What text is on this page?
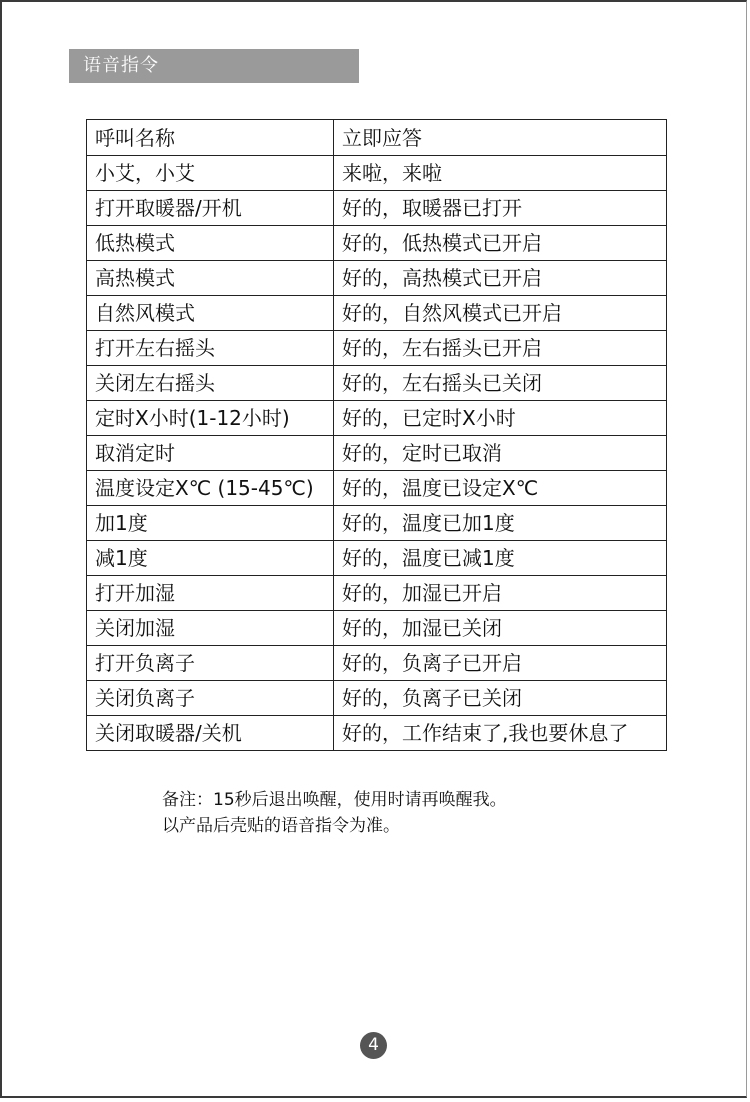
语音指令
呼叫名称	立即应答
小艾，小艾	来啦，来啦
打开取暖器/开机	好的，取暖器已打开
低热模式	好的，低热模式已开启
高热模式	好的，高热模式已开启
自然风模式	好的，自然风模式已开启
打开左右摇头	好的，左右摇头已开启
关闭左右摇头	好的，左右摇头已关闭
定时X小时(1-12小时)	好的，已定时X小时
取消定时	好的，定时已取消
温度设定X℃ (15-45℃)	好的，温度已设定X℃
加1度	好的，温度已加1度
减1度	好的，温度已减1度
打开加湿	好的，加湿已开启
关闭加湿	好的，加湿已关闭
打开负离子	好的，负离子已开启
关闭负离子	好的，负离子已关闭
关闭取暖器/关机	好的，工作结束了,我也要休息了
备注：15秒后退出唤醒，使用时请再唤醒我。
以产品后壳贴的语音指令为准。
4
